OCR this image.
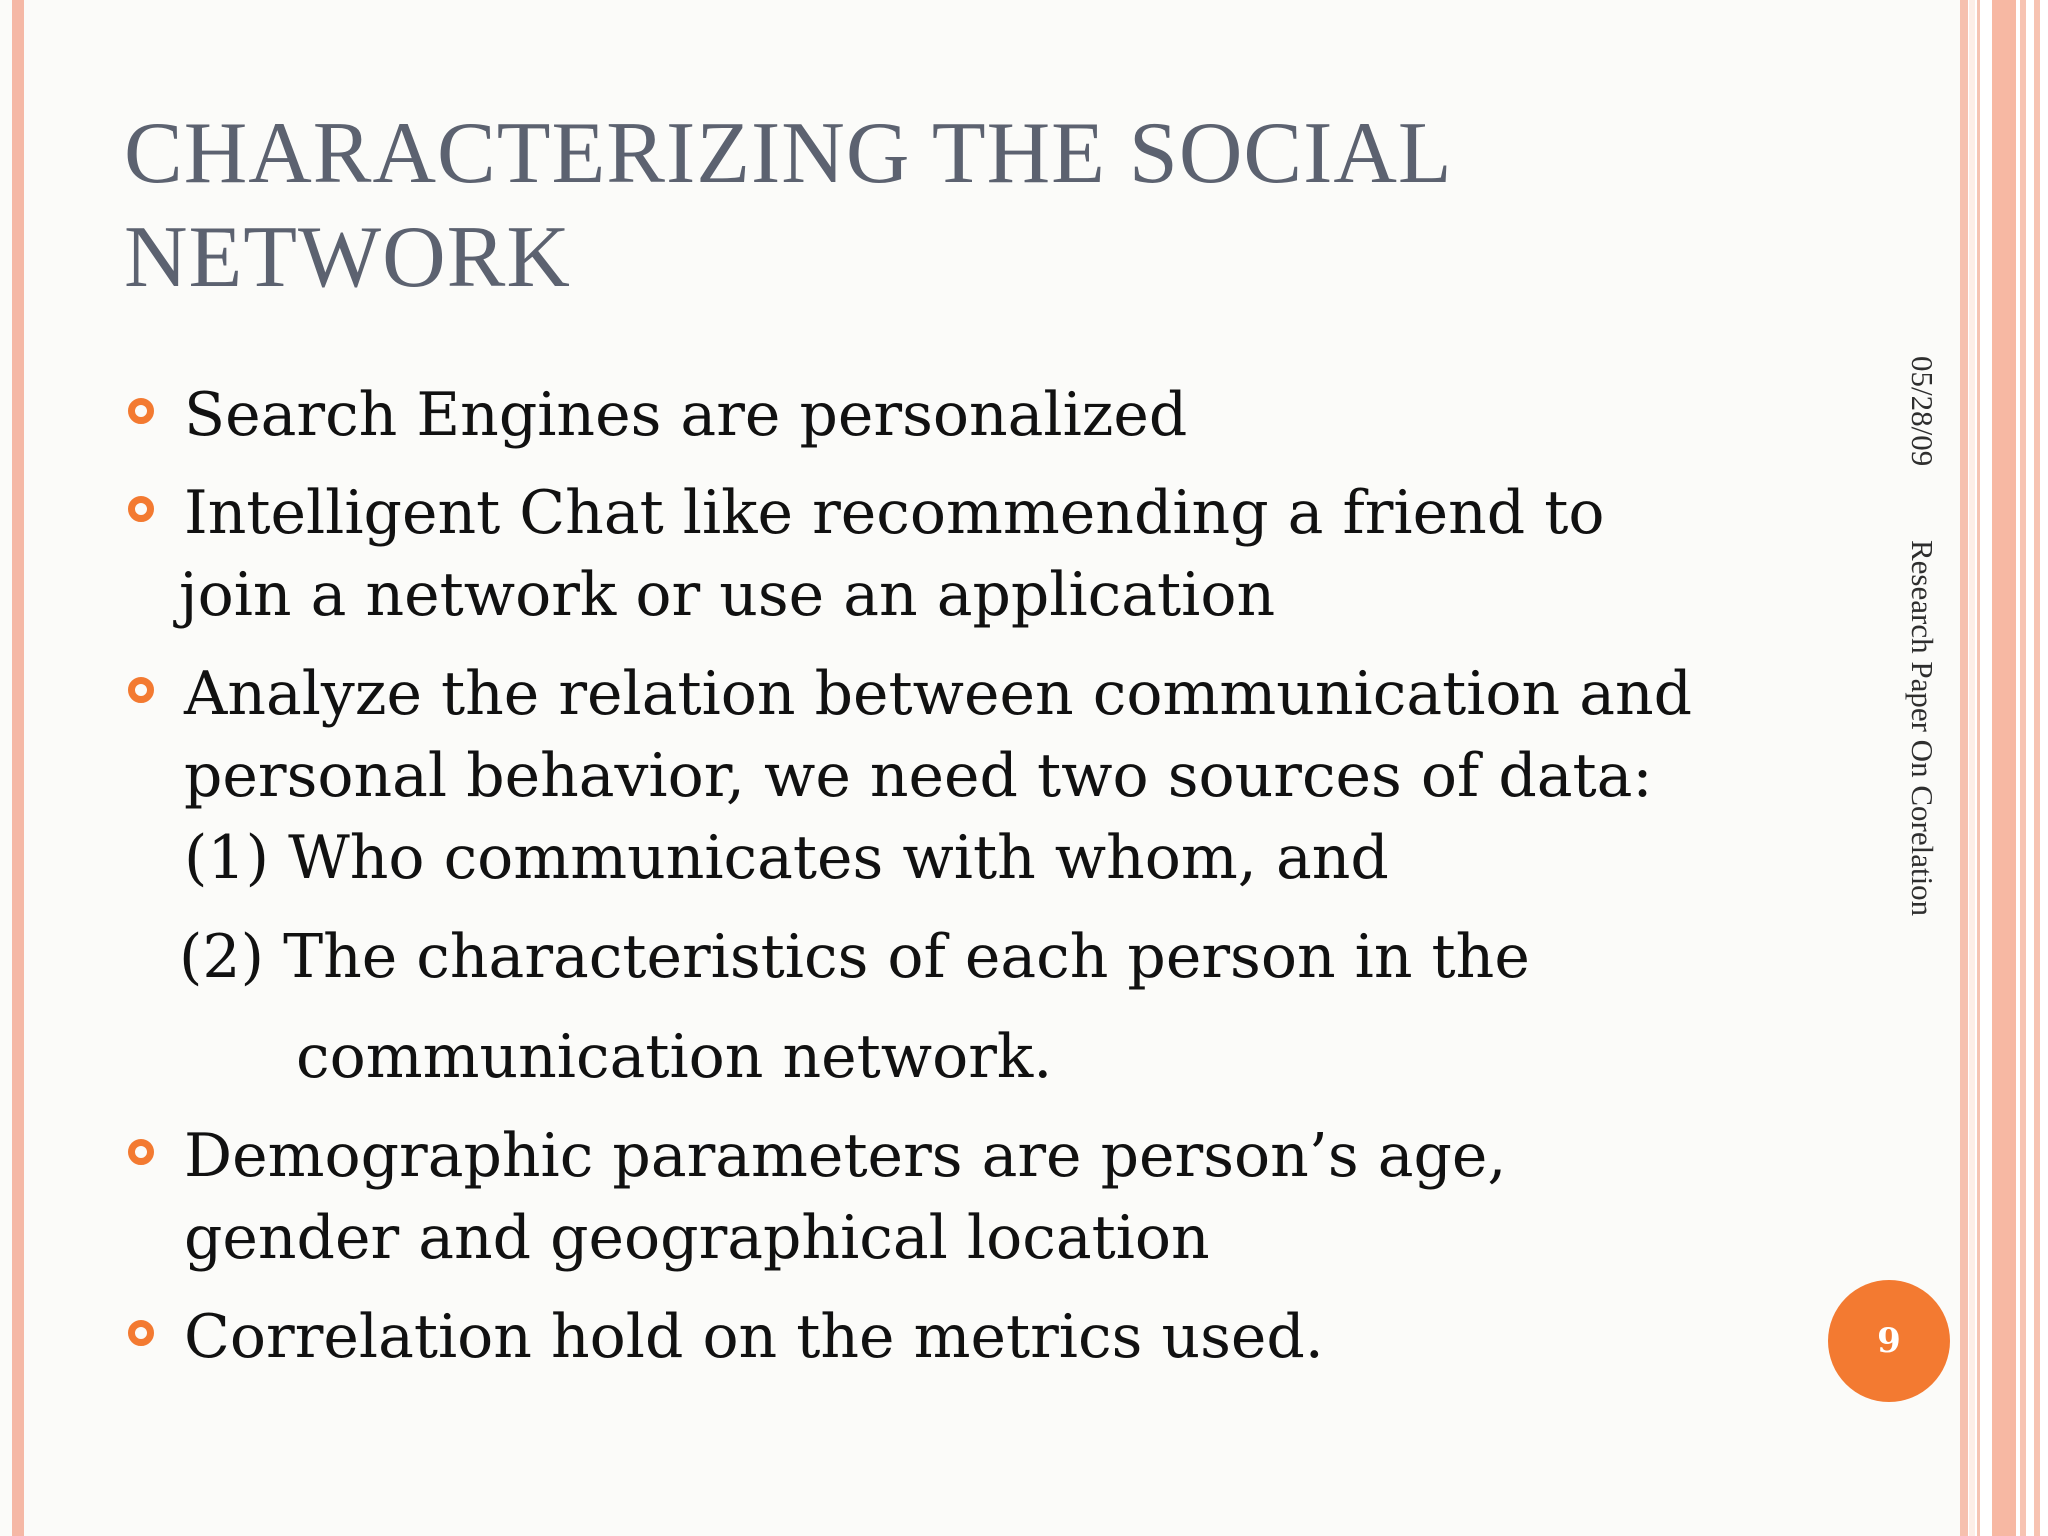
CHARACTERIZING THE SOCIAL NETWORK
Search Engines are personalized
Intelligent Chat like recommending a friend to
join a network or use an application
Analyze the relation between communication and
personal behavior, we need two sources of data:
(1) Who communicates with whom, and
(2) The characteristics of each person in the
communication network.
Demographic parameters are person’s age,
gender and geographical location
Correlation hold on the metrics used.
05/28/09
Research Paper On Corelation
9
